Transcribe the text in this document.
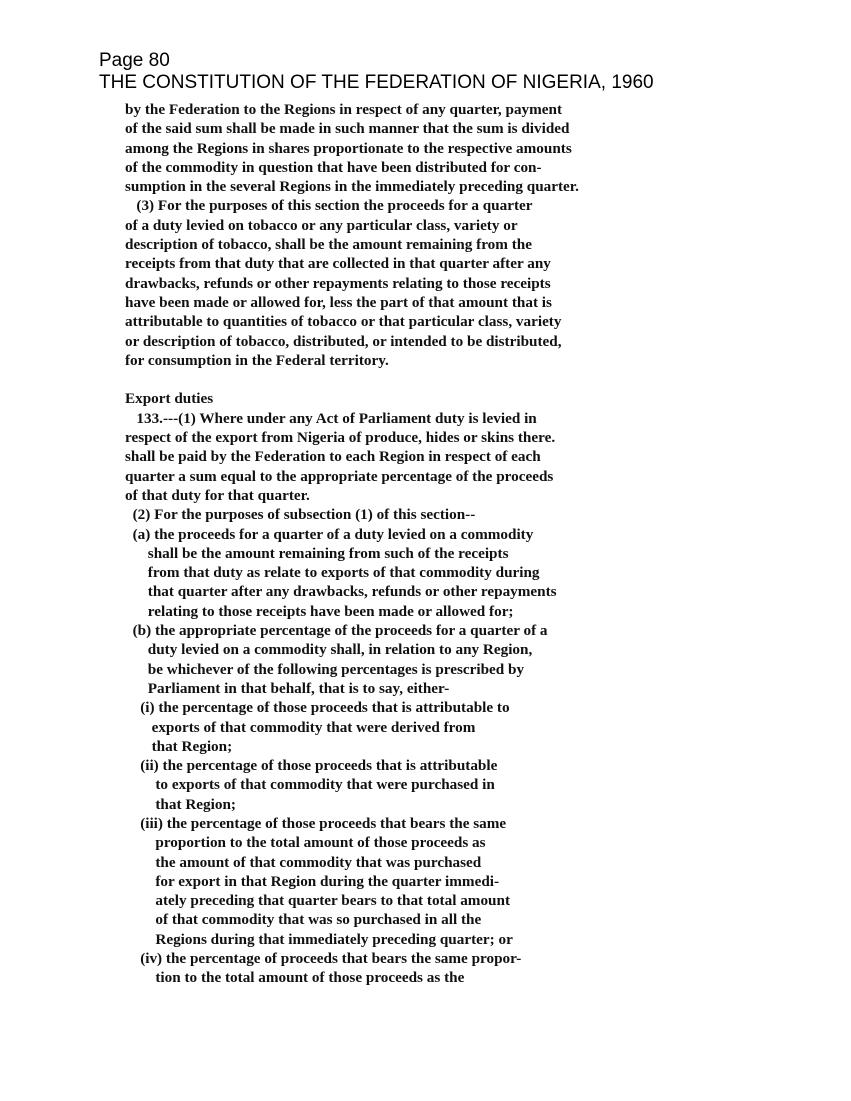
Page 80
THE CONSTITUTION OF THE FEDERATION OF NIGERIA, 1960
by the Federation to the Regions in respect of any quarter, payment
of the said sum shall be made in such manner that the sum is divided
among the Regions in shares proportionate to the respective amounts
of the commodity in question that have been distributed for con-
sumption in the several Regions in the immediately preceding quarter.
(3) For the purposes of this section the proceeds for a quarter
of a duty levied on tobacco or any particular class, variety or
description of tobacco, shall be the amount remaining from the
receipts from that duty that are collected in that quarter after any
drawbacks, refunds or other repayments relating to those receipts
have been made or allowed for, less the part of that amount that is
attributable to quantities of tobacco or that particular class, variety
or description of tobacco, distributed, or intended to be distributed,
for consumption in the Federal territory.
Export duties
133.---(1) Where under any Act of Parliament duty is levied in
respect of the export from Nigeria of produce, hides or skins there.
shall be paid by the Federation to each Region in respect of each
quarter a sum equal to the appropriate percentage of the proceeds
of that duty for that quarter.
(2) For the purposes of subsection (1) of this section--
(a) the proceeds for a quarter of a duty levied on a commodity
shall be the amount remaining from such of the receipts
from that duty as relate to exports of that commodity during
that quarter after any drawbacks, refunds or other repayments
relating to those receipts have been made or allowed for;
(b) the appropriate percentage of the proceeds for a quarter of a
duty levied on a commodity shall, in relation to any Region,
be whichever of the following percentages is prescribed by
Parliament in that behalf, that is to say, either-
(i) the percentage of those proceeds that is attributable to
exports of that commodity that were derived from
that Region;
(ii) the percentage of those proceeds that is attributable
to exports of that commodity that were purchased in
that Region;
(iii) the percentage of those proceeds that bears the same
proportion to the total amount of those proceeds as
the amount of that commodity that was purchased
for export in that Region during the quarter immedi-
ately preceding that quarter bears to that total amount
of that commodity that was so purchased in all the
Regions during that immediately preceding quarter; or
(iv) the percentage of proceeds that bears the same propor-
tion to the total amount of those proceeds as the
